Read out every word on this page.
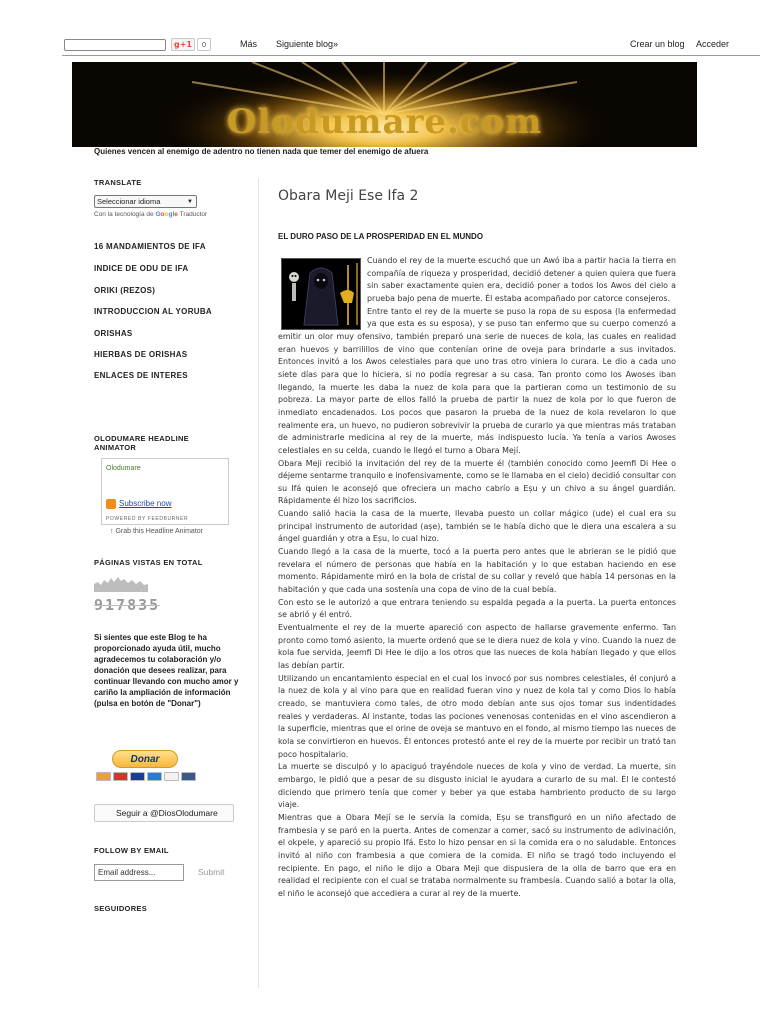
g+1	0	Más Siguiente blog»	Crear un blog Acceder
Olodumare.com
Quienes vencen al enemigo de adentro no tienen nada que temer del enemigo de afuera
TRANSLATE
Seleccionar idioma	▼
Con la tecnología de Google Traductor
16 MANDAMIENTOS DE IFA
INDICE DE ODU DE IFA
ORIKI (REZOS)
INTRODUCCION AL YORUBA
ORISHAS
HIERBAS DE ORISHAS
ENLACES DE INTERES
OLODUMARE HEADLINE ANIMATOR
Olodumare
Subscribe now
POWERED BY FEEDBURNER
↑ Grab this Headline Animator
PÁGINAS VISTAS EN TOTAL
917835
Si sientes que este Blog te ha proporcionado ayuda útil, mucho agradecemos tu colaboración y/o donación que desees realizar, para continuar llevando con mucho amor y cariño la ampliación de información (pulsa en botón de "Donar")
Donar
Seguir a @DiosOlodumare
FOLLOW BY EMAIL
Email address...	Submit
SEGUIDORES
Obara Meji Ese Ifa 2
EL DURO PASO DE LA PROSPERIDAD EN EL MUNDO

Cuando el rey de la muerte escuchó que un Awó iba a partir hacia la tierra en compañía de riqueza y prosperidad, decidió detener a quien quiera que fuera sin saber exactamente quien era, decidió poner a todos los Awos del cielo a prueba bajo pena de muerte. Él estaba acompañado por catorce consejeros.

Entre tanto el rey de la muerte se puso la ropa de su esposa (la enfermedad ya que esta es su esposa), y se puso tan enfermo que su cuerpo comenzó a emitir un olor muy ofensivo, también preparó una serie de nueces de kola, las cuales en realidad eran huevos y barrilillos de vino que contenían orine de oveja para brindarle a sus invitados. Entonces invitó a los Awos celestiales para que uno tras otro viniera lo curara. Le dio a cada uno siete días para que lo hiciera, si no podía regresar a su casa. Tan pronto como los Awoses iban llegando, la muerte les daba la nuez de kola para que la partieran como un testimonio de su pobreza. La mayor parte de ellos falló la prueba de partir la nuez de kola por lo que fueron de inmediato encadenados. Los pocos que pasaron la prueba de la nuez de kola revelaron lo que realmente era, un huevo, no pudieron sobrevivir la prueba de curarlo ya que mientras más trataban de administrarle medicina al rey de la muerte, más indispuesto lucía. Ya tenía a varios Awoses celestiales en su celda, cuando le llegó el turno a Obara Mejí.

Obara Meji recibió la invitación del rey de la muerte él (también conocido como Jeemfi Di Hee o déjeme sentarme tranquilo e inofensivamente, como se le llamaba en el cielo) decidió consultar con su Ifá quien le aconsejó que ofreciera un macho cabrío a Eșu y un chivo a su ángel guardián. Rápidamente él hizo los sacrificios.

Cuando salió hacia la casa de la muerte, llevaba puesto un collar mágico (ude) el cual era su principal instrumento de autoridad (așe), también se le había dicho que le diera una escalera a su ángel guardián y otra a Eșu, lo cual hizo.

Cuando llegó a la casa de la muerte, tocó a la puerta pero antes que le abrieran se le pidió que revelara el número de personas que había en la habitación y lo que estaban haciendo en ese momento. Rápidamente miró en la bola de cristal de su collar y reveló que había 14 personas en la habitación y que cada una sostenía una copa de vino de la cual bebía.

Con esto se le autorizó a que entrara teniendo su espalda pegada a la puerta. La puerta entonces se abrió y él entró.

Eventualmente el rey de la muerte apareció con aspecto de hallarse gravemente enfermo. Tan pronto como tomó asiento, la muerte ordenó que se le diera nuez de kola y vino. Cuando la nuez de kola fue servida, Jeemfi Di Hee le dijo a los otros que las nueces de kola habían llegado y que ellos las debían partir.

Utilizando un encantamiento especial en el cual los invocó por sus nombres celestiales, él conjuró a la nuez de kola y al vino para que en realidad fueran vino y nuez de kola tal y como Dios lo había creado, se mantuviera como tales, de otro modo debían ante sus ojos tomar sus indentidades reales y verdaderas. Al instante, todas las pociones venenosas contenidas en el vino ascendieron a la superficie, mientras que el orine de oveja se mantuvo en el fondo, al mismo tiempo las nueces de kola se convirtieron en huevos. Él entonces protestó ante el rey de la muerte por recibir un trató tan poco hospitalario.

La muerte se disculpó y lo apaciguó trayéndole nueces de kola y vino de verdad. La muerte, sin embargo, le pidió que a pesar de su disgusto inicial le ayudara a curarlo de su mal. Él le contestó diciendo que primero tenía que comer y beber ya que estaba hambriento producto de su largo viaje.

Mientras que a Obara Mejí se le servía la comida, Eșu se transfiguró en un niño afectado de frambesia y se paró en la puerta. Antes de comenzar a comer, sacó su instrumento de adivinación, el okpele, y apareció su propio Ifá. Esto lo hizo pensar en si la comida era o no saludable. Entonces invitó al niño con frambesia a que comiera de la comida. El niño se tragó todo incluyendo el recipiente. En pago, el niño le dijo a Obara Meji que dispusiera de la olla de barro que era en realidad el recipiente con el cual se trataba normalmente su frambesía. Cuando salió a botar la olla, el niño le aconsejó que accediera a curar al rey de la muerte.
